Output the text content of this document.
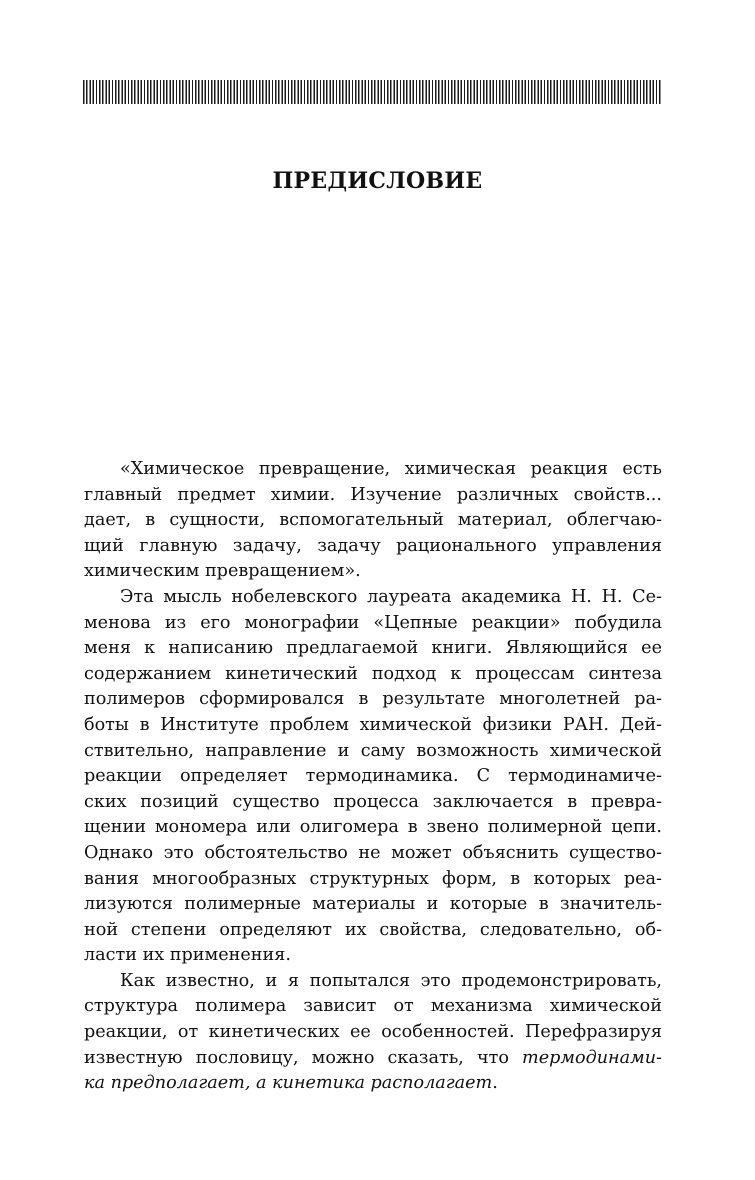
ПРЕДИСЛОВИЕ

«Химическое превращение, химическая реакция есть
главный предмет химии. Изучение различных свойств...
дает, в сущности, вспомогательный материал, облегчаю-
щий главную задачу, задачу рационального управления
химическим превращением».

Эта мысль нобелевского лауреата академика Н. Н. Се-
менова из его монографии «Цепные реакции» побудила
меня к написанию предлагаемой книги. Являющийся ее
содержанием кинетический подход к процессам синтеза
полимеров сформировался в результате многолетней ра-
боты в Институте проблем химической физики РАН. Дей-
ствительно, направление и саму возможность химической
реакции определяет термодинамика. С термодинамиче-
ских позиций существо процесса заключается в превра-
щении мономера или олигомера в звено полимерной цепи.
Однако это обстоятельство не может объяснить существо-
вания многообразных структурных форм, в которых реа-
лизуются полимерные материалы и которые в значитель-
ной степени определяют их свойства, следовательно, об-
ласти их применения.

Как известно, и я попытался это продемонстрировать,
структура полимера зависит от механизма химической
реакции, от кинетических ее особенностей. Перефразируя
известную пословицу, можно сказать, что термодинами-
ка предполагает, а кинетика располагает.
